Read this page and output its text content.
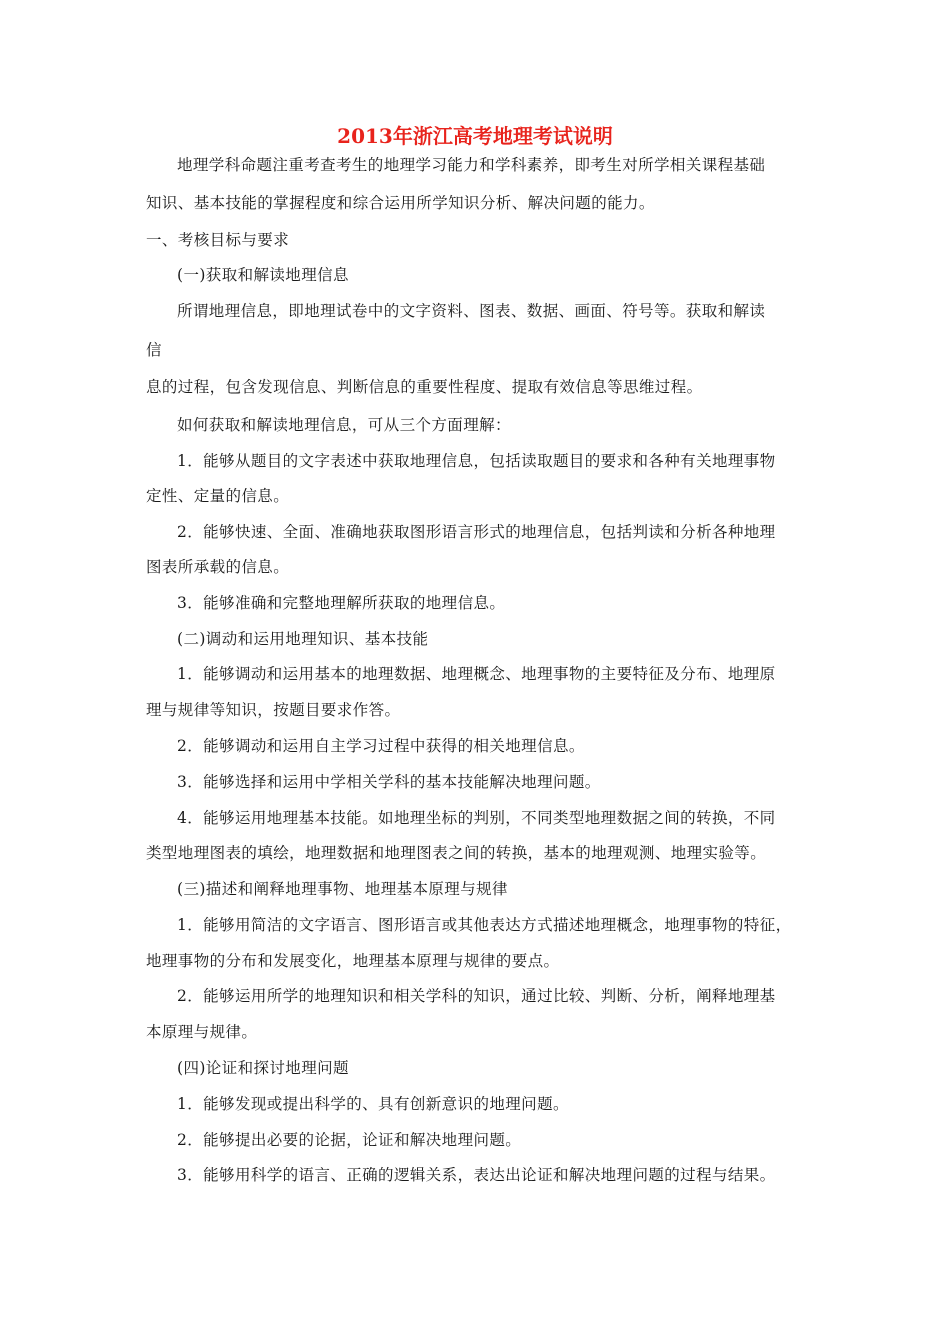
2013年浙江高考地理考试说明
地理学科命题注重考查考生的地理学习能力和学科素养，即考生对所学相关课程基础
知识、基本技能的掌握程度和综合运用所学知识分析、解决问题的能力。
一、考核目标与要求
(一)获取和解读地理信息
所谓地理信息，即地理试卷中的文字资料、图表、数据、画面、符号等。获取和解读
信
息的过程，包含发现信息、判断信息的重要性程度、提取有效信息等思维过程。
如何获取和解读地理信息，可从三个方面理解：
1．能够从题目的文字表述中获取地理信息，包括读取题目的要求和各种有关地理事物
定性、定量的信息。
2．能够快速、全面、准确地获取图形语言形式的地理信息，包括判读和分析各种地理
图表所承载的信息。
3．能够准确和完整地理解所获取的地理信息。
(二)调动和运用地理知识、基本技能
1．能够调动和运用基本的地理数据、地理概念、地理事物的主要特征及分布、地理原
理与规律等知识，按题目要求作答。
2．能够调动和运用自主学习过程中获得的相关地理信息。
3．能够选择和运用中学相关学科的基本技能解决地理问题。
4．能够运用地理基本技能。如地理坐标的判别，不同类型地理数据之间的转换，不同
类型地理图表的填绘，地理数据和地理图表之间的转换，基本的地理观测、地理实验等。
(三)描述和阐释地理事物、地理基本原理与规律
1．能够用简洁的文字语言、图形语言或其他表达方式描述地理概念，地理事物的特征，
地理事物的分布和发展变化，地理基本原理与规律的要点。
2．能够运用所学的地理知识和相关学科的知识，通过比较、判断、分析，阐释地理基
本原理与规律。
(四)论证和探讨地理问题
1．能够发现或提出科学的、具有创新意识的地理问题。
2．能够提出必要的论据，论证和解决地理问题。
3．能够用科学的语言、正确的逻辑关系，表达出论证和解决地理问题的过程与结果。
